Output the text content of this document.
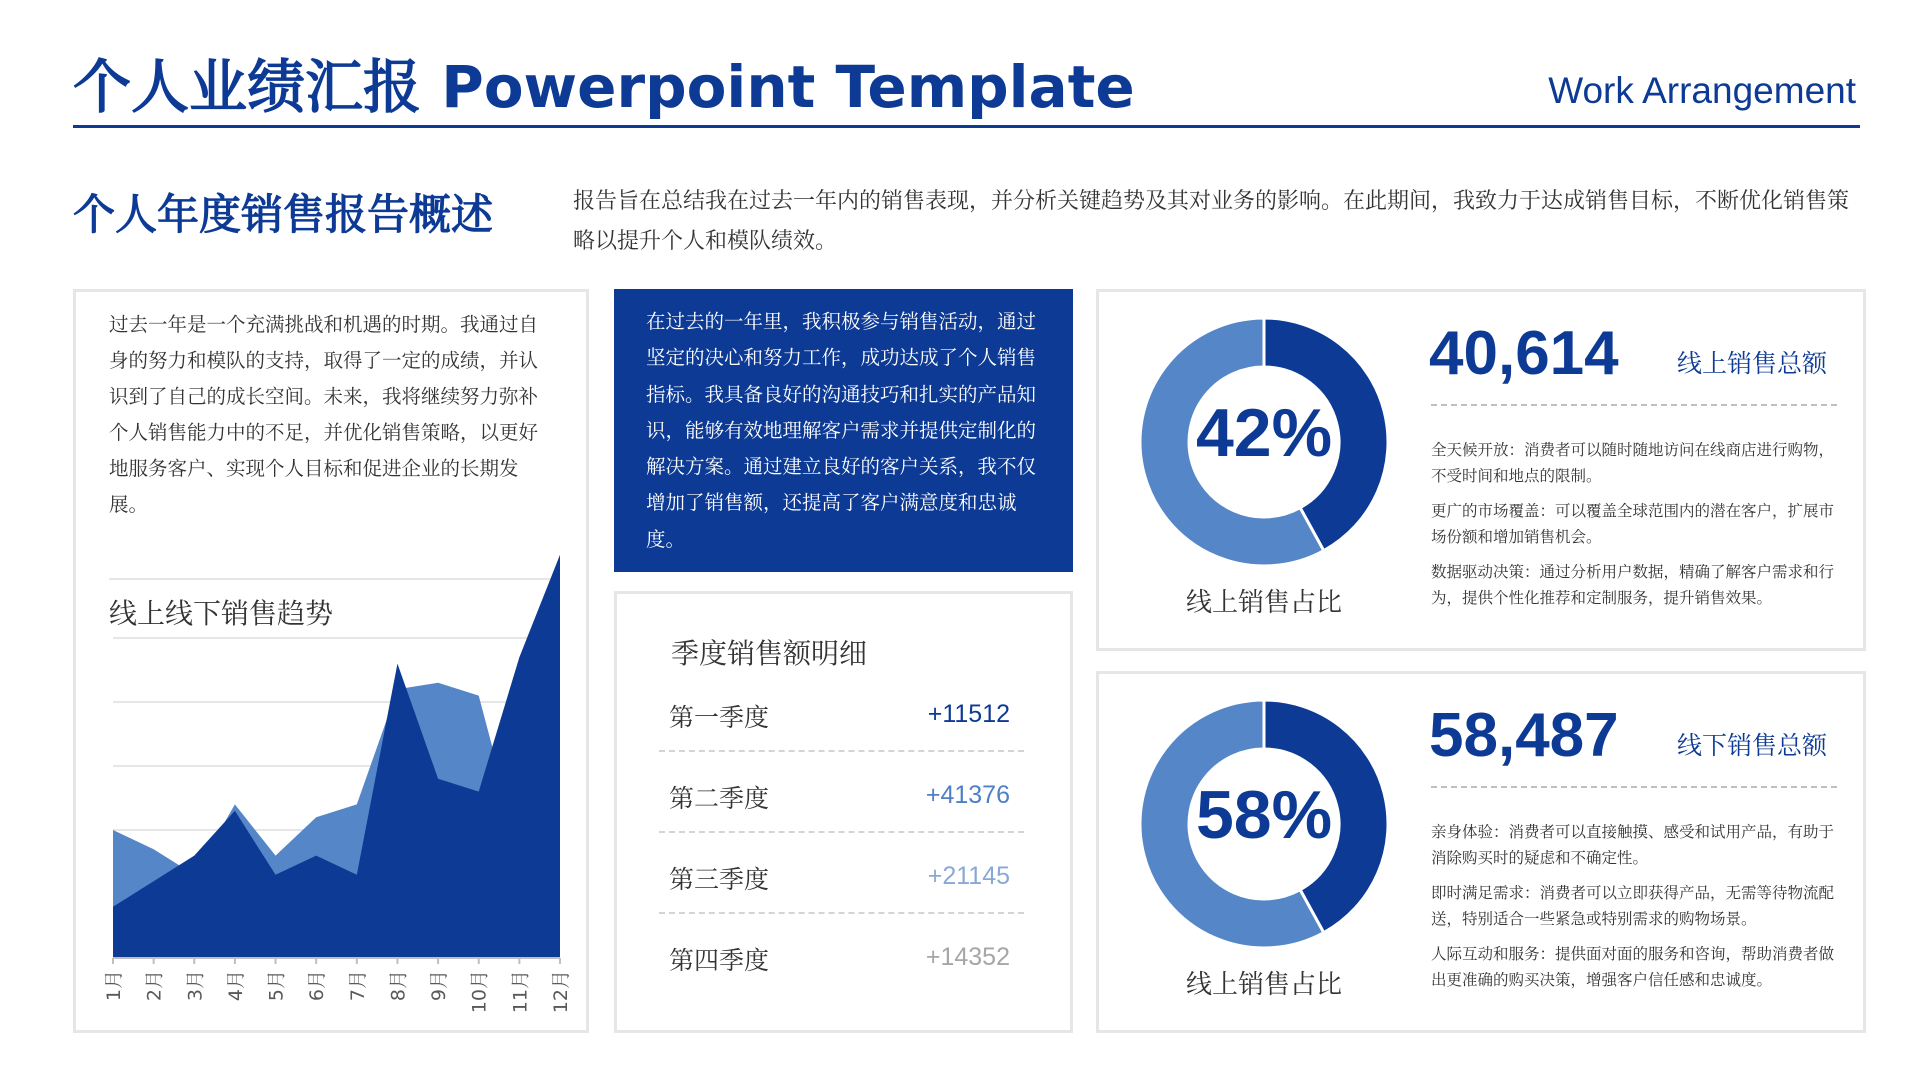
个人业绩汇报 Powerpoint Template	Work Arrangement
个人年度销售报告概述	报告旨在总结我在过去一年内的销售表现，并分析关键趋势及其对业务的影响。在此期间，我致力于达成销售目标，不断优化销售策略以提升个人和模队绩效。
过去一年是一个充满挑战和机遇的时期。我通过自身的努力和模队的支持，取得了一定的成绩，并认识到了自己的成长空间。未来，我将继续努力弥补个人销售能力中的不足，并优化销售策略，以更好地服务客户、实现个人目标和促进企业的长期发展。
线上线下销售趋势
1月 2月 3月 4月 5月 6月 7月 8月 9月 10月 11月 12月
在过去的一年里，我积极参与销售活动，通过坚定的决心和努力工作，成功达成了个人销售指标。我具备良好的沟通技巧和扎实的产品知识，能够有效地理解客户需求并提供定制化的解决方案。通过建立良好的客户关系，我不仅增加了销售额，还提高了客户满意度和忠诚度。
季度销售额明细
第一季度	+11512
第二季度	+41376
第三季度	+21145
第四季度	+14352
42%
线上销售占比
40,614 线上销售总额
全天候开放：消费者可以随时随地访问在线商店进行购物，不受时间和地点的限制。
更广的市场覆盖：可以覆盖全球范围内的潜在客户，扩展市场份额和增加销售机会。
数据驱动决策：通过分析用户数据，精确了解客户需求和行为，提供个性化推荐和定制服务，提升销售效果。
58%
线上销售占比
58,487 线下销售总额
亲身体验：消费者可以直接触摸、感受和试用产品，有助于消除购买时的疑虑和不确定性。
即时满足需求：消费者可以立即获得产品，无需等待物流配送，特别适合一些紧急或特别需求的购物场景。
人际互动和服务：提供面对面的服务和咨询，帮助消费者做出更准确的购买决策，增强客户信任感和忠诚度。
